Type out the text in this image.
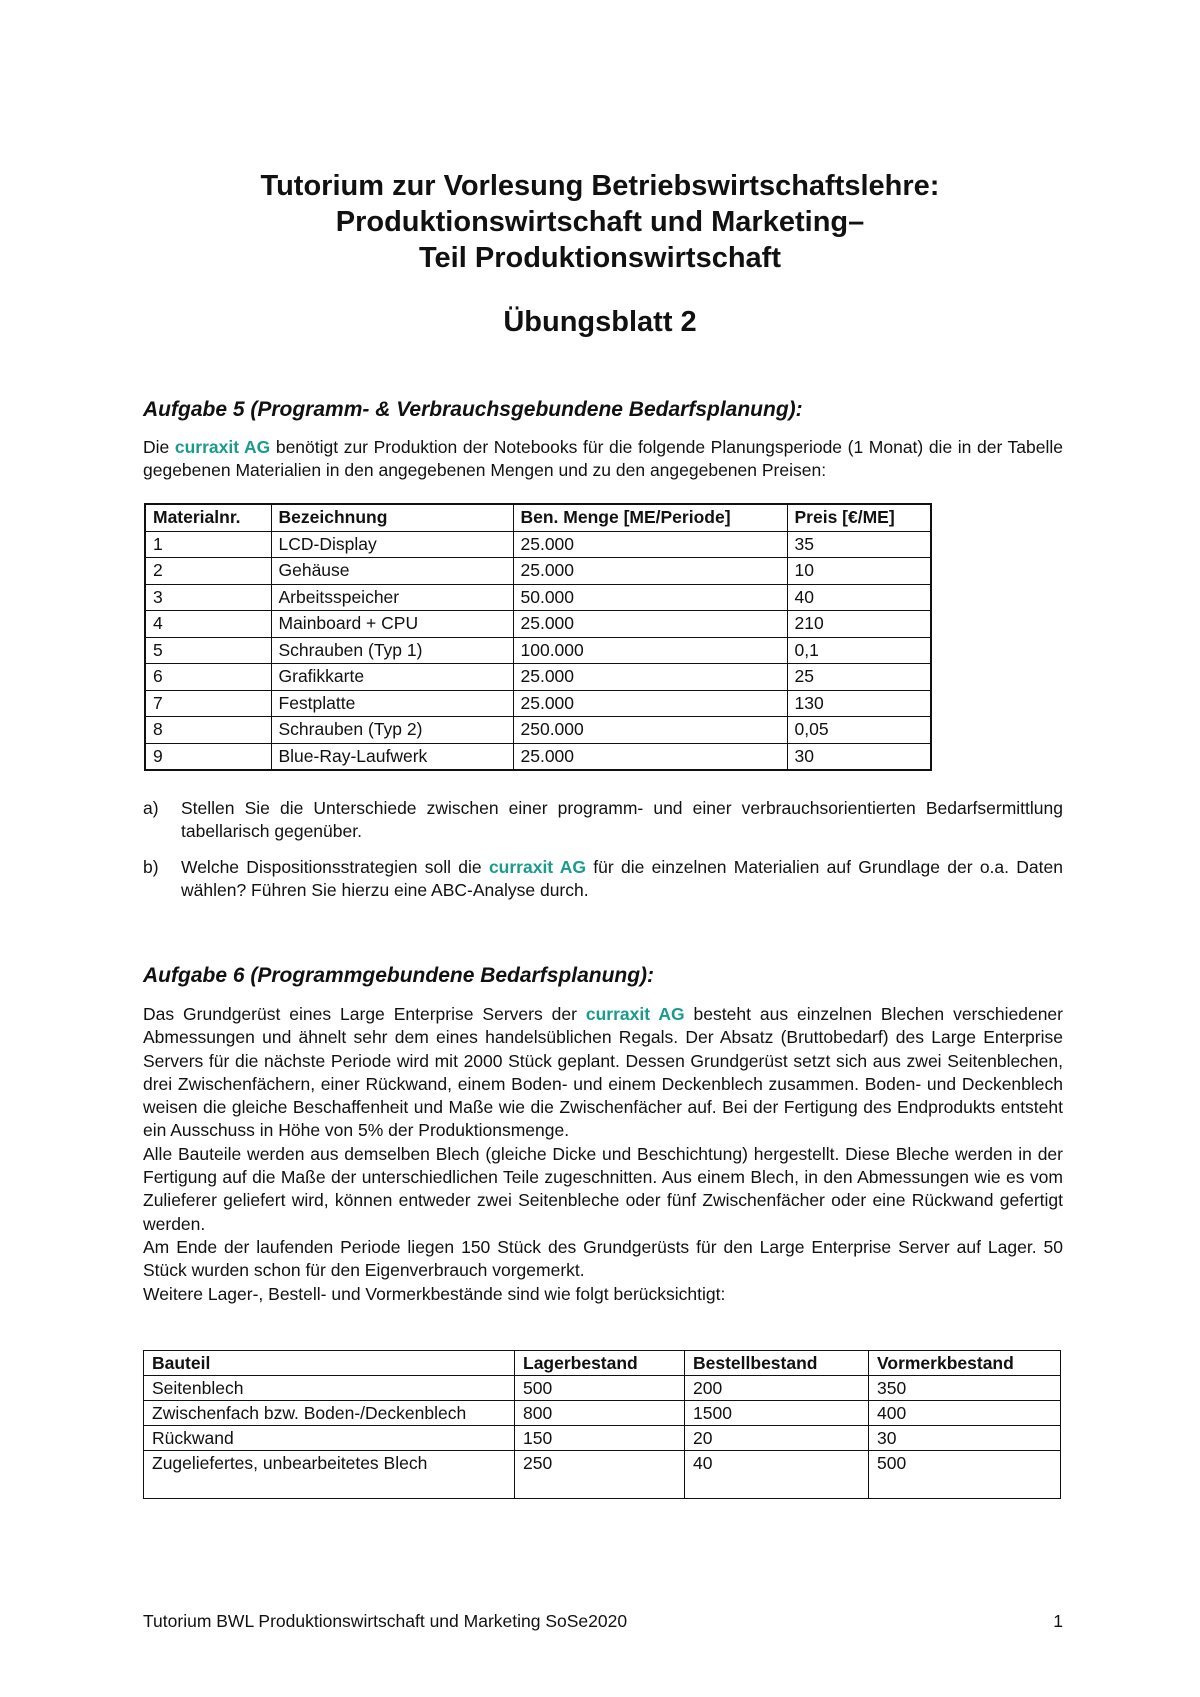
Tutorium zur Vorlesung Betriebswirtschaftslehre:
Produktionswirtschaft und Marketing–
Teil Produktionswirtschaft
Übungsblatt 2
Aufgabe 5 (Programm- & Verbrauchsgebundene Bedarfsplanung):

Die curraxit AG benötigt zur Produktion der Notebooks für die folgende Planungsperiode (1 Monat) die in der Tabelle gegebenen Materialien in den angegebenen Mengen und zu den angegebenen Preisen:

Materialnr.	Bezeichnung	Ben. Menge [ME/Periode]	Preis [€/ME]
1	LCD-Display	25.000	35
2	Gehäuse	25.000	10
3	Arbeitsspeicher	50.000	40
4	Mainboard + CPU	25.000	210
5	Schrauben (Typ 1)	100.000	0,1
6	Grafikkarte	25.000	25
7	Festplatte	25.000	130
8	Schrauben (Typ 2)	250.000	0,05
9	Blue-Ray-Laufwerk	25.000	30
a) Stellen Sie die Unterschiede zwischen einer programm- und einer verbrauchsorientierten Bedarfsermittlung tabellarisch gegenüber.
b) Welche Dispositionsstrategien soll die curraxit AG für die einzelnen Materialien auf Grundlage der o.a. Daten wählen? Führen Sie hierzu eine ABC-Analyse durch.
Aufgabe 6 (Programmgebundene Bedarfsplanung):

Das Grundgerüst eines Large Enterprise Servers der curraxit AG besteht aus einzelnen Blechen verschiedener Abmessungen und ähnelt sehr dem eines handelsüblichen Regals. Der Absatz (Bruttobedarf) des Large Enterprise Servers für die nächste Periode wird mit 2000 Stück geplant. Dessen Grundgerüst setzt sich aus zwei Seitenblechen, drei Zwischenfächern, einer Rückwand, einem Boden- und einem Deckenblech zusammen. Boden- und Deckenblech weisen die gleiche Beschaffenheit und Maße wie die Zwischenfächer auf. Bei der Fertigung des Endprodukts entsteht ein Ausschuss in Höhe von 5% der Produktionsmenge.

Alle Bauteile werden aus demselben Blech (gleiche Dicke und Beschichtung) hergestellt. Diese Bleche werden in der Fertigung auf die Maße der unterschiedlichen Teile zugeschnitten. Aus einem Blech, in den Abmessungen wie es vom Zulieferer geliefert wird, können entweder zwei Seitenbleche oder fünf Zwischenfächer oder eine Rückwand gefertigt werden.

Am Ende der laufenden Periode liegen 150 Stück des Grundgerüsts für den Large Enterprise Server auf Lager. 50 Stück wurden schon für den Eigenverbrauch vorgemerkt.

Weitere Lager-, Bestell- und Vormerkbestände sind wie folgt berücksichtigt:

Bauteil	Lagerbestand	Bestellbestand	Vormerkbestand
Seitenblech	500	200	350
Zwischenfach bzw. Boden-/Deckenblech	800	1500	400
Rückwand	150	20	30
Zugeliefertes, unbearbeitetes Blech	250	40	500
Tutorium BWL Produktionswirtschaft und Marketing SoSe2020	1
